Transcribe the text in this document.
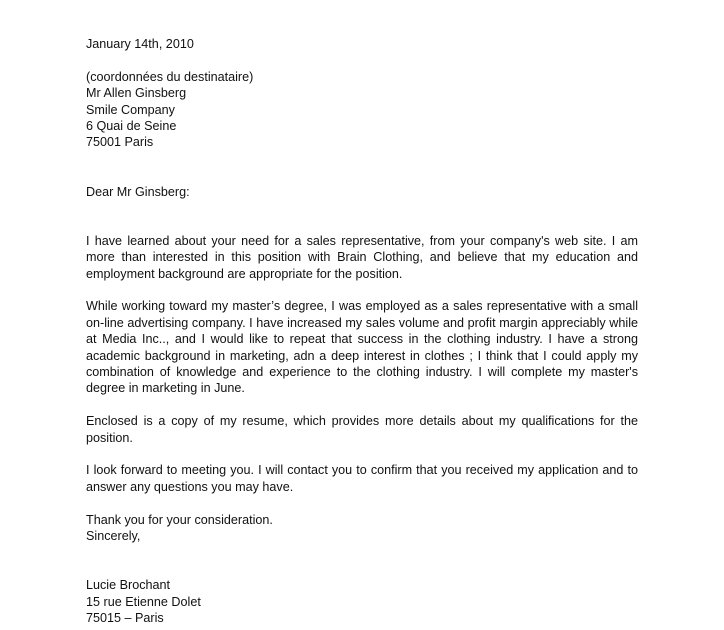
January 14th, 2010
(coordonnées du destinataire)
Mr Allen Ginsberg
Smile Company
6 Quai de Seine
75001 Paris
Dear Mr Ginsberg:

I have learned about your need for a sales representative, from your company's web site. I am more than interested in this position with Brain Clothing, and believe that my education and employment background are appropriate for the position.

While working toward my master’s degree, I was employed as a sales representative with a small on-line advertising company. I have increased my sales volume and profit margin appreciably while at Media Inc.., and I would like to repeat that success in the clothing industry. I have a strong academic background in marketing, adn a deep interest in clothes ; I think that I could apply my combination of knowledge and experience to the clothing industry. I will complete my master's degree in marketing in June.

Enclosed is a copy of my resume, which provides more details about my qualifications for the position.

I look forward to meeting you. I will contact you to confirm that you received my application and to answer any questions you may have.

Thank you for your consideration.
Sincerely,
Lucie Brochant
15 rue Etienne Dolet
75015 – Paris
